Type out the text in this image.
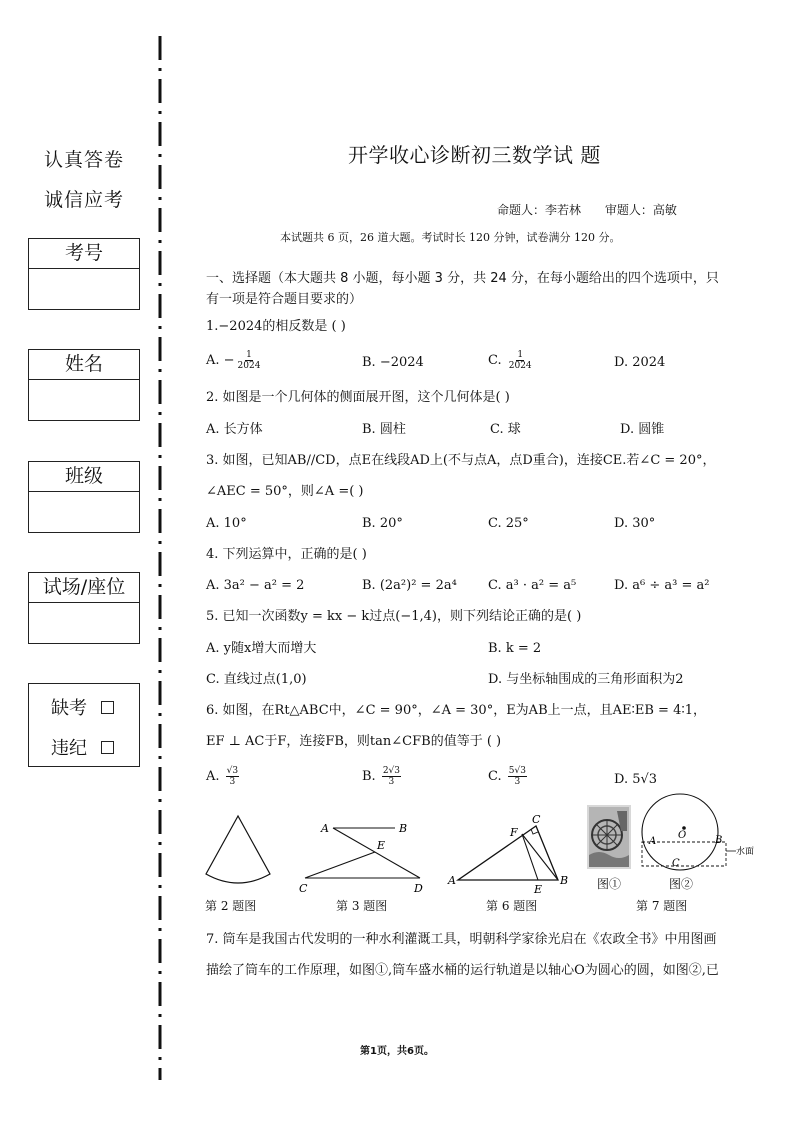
认真答卷
诚信应考
考号
姓名
班级
试场/座位
缺考
违纪
开学收心诊断初三数学试 题
命题人：李若林 审题人：高敏
本试题共 6 页，26 道大题。考试时长 120 分钟，试卷满分 120 分。
一、选择题（本大题共 8 小题，每小题 3 分，共 24 分，在每小题给出的四个选项中，只
有一项是符合题目要求的）
1.−2024的相反数是 ( )
A. − $\frac{1}{2024}$	B. −2024	C. $\frac{1}{2024}$	D. 2024
2. 如图是一个几何体的侧面展开图，这个几何体是( )
A. 长方体	B. 圆柱	C. 球	D. 圆锥
3. 如图，已知AB//CD，点E在线段AD上(不与点A，点D重合)，连接CE.若∠C = 20°，
∠AEC = 50°，则∠A =( )
A. 10°	B. 20°	C. 25°	D. 30°
4. 下列运算中，正确的是( )
A. 3a² − a² = 2	B. (2a²)² = 2a⁴ C. a³ · a² = a⁵	D. a⁶ ÷ a³ = a²
5. 已知一次函数y = kx − k过点(−1,4)，则下列结论正确的是( )
A. y随x增大而增大	B. k = 2
C. 直线过点(1,0)	D. 与坐标轴围成的三角形面积为2
6. 如图，在Rt△ABC中，∠C = 90°，∠A = 30°，E为AB上一点，且AE∶EB = 4∶1，
EF ⊥ AC于F，连接FB，则tan∠CFB的值等于 ( )
A. $\frac{√3}{3}$	B. $\frac{2√3}{3}$	C. $\frac{5√3}{3}$	D. 5√3
第 2 题图
A	B
C	D
E
第 3 题图
A	B
C
E
F
第 6 题图
图①
O
A	B
C
水面
图②
第 7 题图
7. 筒车是我国古代发明的一种水利灌溉工具，明朝科学家徐光启在《农政全书》中用图画
描绘了筒车的工作原理，如图①,筒车盛水桶的运行轨道是以轴心O为圆心的圆，如图②,已
第1页，共6页。
